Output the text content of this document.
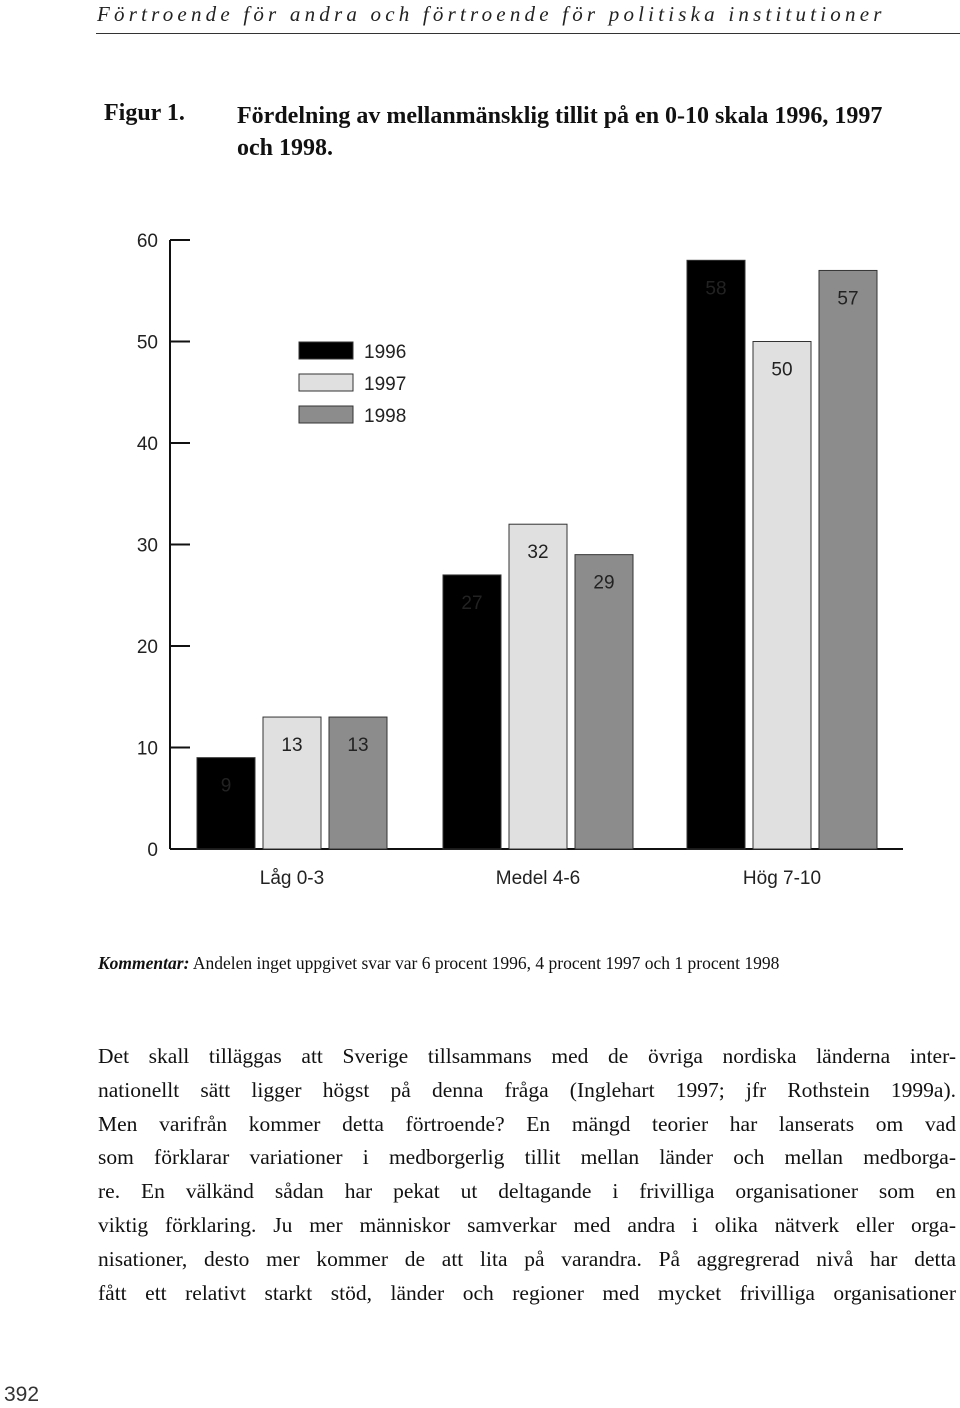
Förtroende för andra och förtroende för politiska institutioner
Figur 1. Fördelning av mellanmänsklig tillit på en 0-10 skala 1996, 1997 och 1998.
0
10
20
30
40
50
60
9
27
58
13
32
50
13
29
57
Låg 0-3	Medel 4-6	Hög 7-10
1996
1997
1998
Kommentar: Andelen inget uppgivet svar var 6 procent 1996, 4 procent 1997 och 1 procent 1998
Det skall tilläggas att Sverige tillsammans med de övriga nordiska länderna inter-
nationellt sätt ligger högst på denna fråga (Inglehart 1997; jfr Rothstein 1999a).
Men varifrån kommer detta förtroende? En mängd teorier har lanserats om vad
som förklarar variationer i medborgerlig tillit mellan länder och mellan medborga-
re. En välkänd sådan har pekat ut deltagande i frivilliga organisationer som en
viktig förklaring. Ju mer människor samverkar med andra i olika nätverk eller orga-
nisationer, desto mer kommer de att lita på varandra. På aggregrerad nivå har detta
fått ett relativt starkt stöd, länder och regioner med mycket frivilliga organisationer
392
